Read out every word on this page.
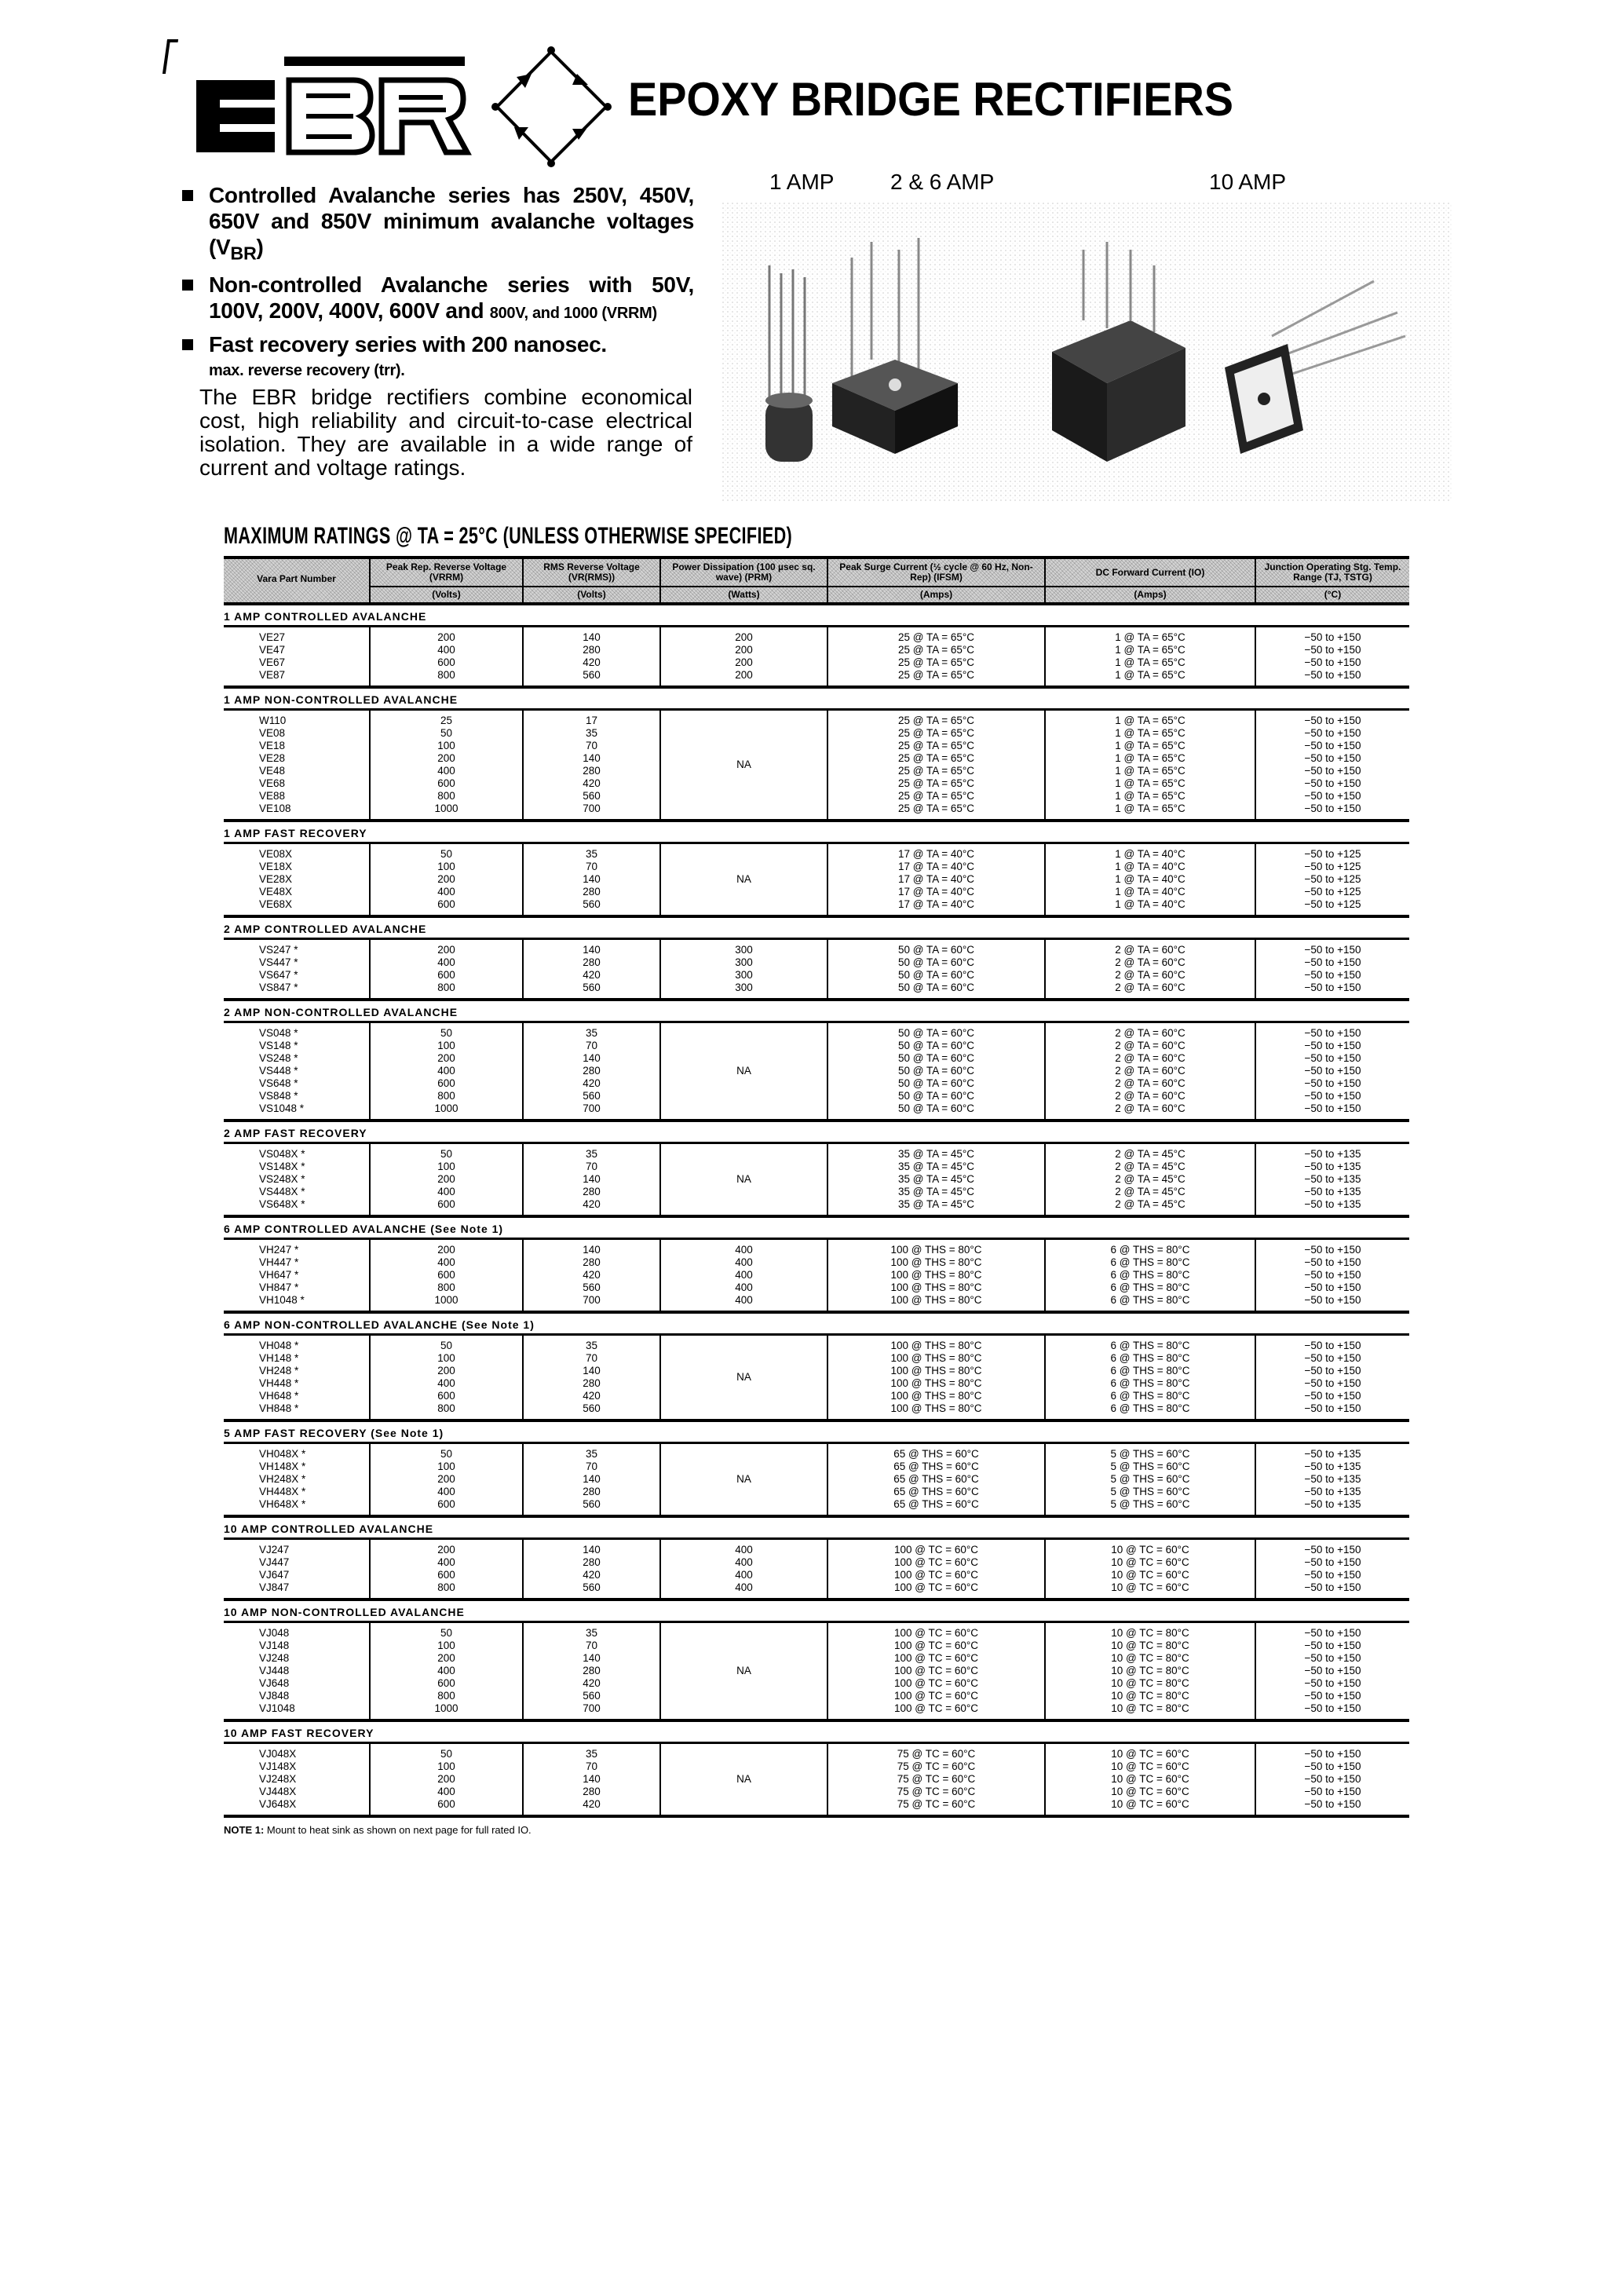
EPOXY BRIDGE RECTIFIERS
1 AMP	2 & 6 AMP	10 AMP
Controlled Avalanche series has 250V, 450V, 650V and 850V minimum avalanche voltages $(V_{BR})$
Non-controlled Avalanche series with 50V, 100V, 200V, 400V, 600V and 800V, and 1000 (VRRM)
Fast recovery series with 200 nanosec.
max. reverse recovery (trr).
The EBR bridge rectifiers combine economical cost, high reliability and circuit-to-case electrical isolation. They are available in a wide range of current and voltage ratings.
MAXIMUM RATINGS @ TA = 25°C (UNLESS OTHERWISE SPECIFIED)
Vara Part Number
Peak Rep. Reverse Voltage (VRRM)
(Volts)
RMS Reverse Voltage (VR(RMS))
(Volts)
Power Dissipation (100 µsec sq. wave) (PRM)
(Watts)
Peak Surge Current (½ cycle @ 60 Hz, Non-Rep) (IFSM)
(Amps)
DC Forward Current (IO)
(Amps)
Junction Operating Stg. Temp. Range (TJ, TSTG)
(°C)
1 AMP CONTROLLED AVALANCHE
VE27
VE47
VE67
VE87
200
400
600
800
140
280
420
560
200
200
200
200
25 @ TA = 65°C
25 @ TA = 65°C
25 @ TA = 65°C
25 @ TA = 65°C
1 @ TA = 65°C
1 @ TA = 65°C
1 @ TA = 65°C
1 @ TA = 65°C
−50 to +150
−50 to +150
−50 to +150
−50 to +150
1 AMP NON-CONTROLLED AVALANCHE
W110
VE08
VE18
VE28
VE48
VE68
VE88
VE108
25
50
100
200
400
600
800
1000
17
35
70
140
280
420
560
700
NA
25 @ TA = 65°C
25 @ TA = 65°C
25 @ TA = 65°C
25 @ TA = 65°C
25 @ TA = 65°C
25 @ TA = 65°C
25 @ TA = 65°C
25 @ TA = 65°C
1 @ TA = 65°C
1 @ TA = 65°C
1 @ TA = 65°C
1 @ TA = 65°C
1 @ TA = 65°C
1 @ TA = 65°C
1 @ TA = 65°C
1 @ TA = 65°C
−50 to +150
−50 to +150
−50 to +150
−50 to +150
−50 to +150
−50 to +150
−50 to +150
−50 to +150
1 AMP FAST RECOVERY
VE08X
VE18X
VE28X
VE48X
VE68X
50
100
200
400
600
35
70
140
280
560
NA
17 @ TA = 40°C
17 @ TA = 40°C
17 @ TA = 40°C
17 @ TA = 40°C
17 @ TA = 40°C
1 @ TA = 40°C
1 @ TA = 40°C
1 @ TA = 40°C
1 @ TA = 40°C
1 @ TA = 40°C
−50 to +125
−50 to +125
−50 to +125
−50 to +125
−50 to +125
2 AMP CONTROLLED AVALANCHE
VS247 *
VS447 *
VS647 *
VS847 *
200
400
600
800
140
280
420
560
300
300
300
300
50 @ TA = 60°C
50 @ TA = 60°C
50 @ TA = 60°C
50 @ TA = 60°C
2 @ TA = 60°C
2 @ TA = 60°C
2 @ TA = 60°C
2 @ TA = 60°C
−50 to +150
−50 to +150
−50 to +150
−50 to +150
2 AMP NON-CONTROLLED AVALANCHE
VS048 *
VS148 *
VS248 *
VS448 *
VS648 *
VS848 *
VS1048 *
50
100
200
400
600
800
1000
35
70
140
280
420
560
700
NA
50 @ TA = 60°C
50 @ TA = 60°C
50 @ TA = 60°C
50 @ TA = 60°C
50 @ TA = 60°C
50 @ TA = 60°C
50 @ TA = 60°C
2 @ TA = 60°C
2 @ TA = 60°C
2 @ TA = 60°C
2 @ TA = 60°C
2 @ TA = 60°C
2 @ TA = 60°C
2 @ TA = 60°C
−50 to +150
−50 to +150
−50 to +150
−50 to +150
−50 to +150
−50 to +150
−50 to +150
2 AMP FAST RECOVERY
VS048X *
VS148X *
VS248X *
VS448X *
VS648X *
50
100
200
400
600
35
70
140
280
420
NA
35 @ TA = 45°C
35 @ TA = 45°C
35 @ TA = 45°C
35 @ TA = 45°C
35 @ TA = 45°C
2 @ TA = 45°C
2 @ TA = 45°C
2 @ TA = 45°C
2 @ TA = 45°C
2 @ TA = 45°C
−50 to +135
−50 to +135
−50 to +135
−50 to +135
−50 to +135
6 AMP CONTROLLED AVALANCHE (See Note 1)
VH247 *
VH447 *
VH647 *
VH847 *
VH1048 *
200
400
600
800
1000
140
280
420
560
700
400
400
400
400
400
100 @ THS = 80°C
100 @ THS = 80°C
100 @ THS = 80°C
100 @ THS = 80°C
100 @ THS = 80°C
6 @ THS = 80°C
6 @ THS = 80°C
6 @ THS = 80°C
6 @ THS = 80°C
6 @ THS = 80°C
−50 to +150
−50 to +150
−50 to +150
−50 to +150
−50 to +150
6 AMP NON-CONTROLLED AVALANCHE (See Note 1)
VH048 *
VH148 *
VH248 *
VH448 *
VH648 *
VH848 *
50
100
200
400
600
800
35
70
140
280
420
560
NA
100 @ THS = 80°C
100 @ THS = 80°C
100 @ THS = 80°C
100 @ THS = 80°C
100 @ THS = 80°C
100 @ THS = 80°C
6 @ THS = 80°C
6 @ THS = 80°C
6 @ THS = 80°C
6 @ THS = 80°C
6 @ THS = 80°C
6 @ THS = 80°C
−50 to +150
−50 to +150
−50 to +150
−50 to +150
−50 to +150
−50 to +150
5 AMP FAST RECOVERY (See Note 1)
VH048X *
VH148X *
VH248X *
VH448X *
VH648X *
50
100
200
400
600
35
70
140
280
560
NA
65 @ THS = 60°C
65 @ THS = 60°C
65 @ THS = 60°C
65 @ THS = 60°C
65 @ THS = 60°C
5 @ THS = 60°C
5 @ THS = 60°C
5 @ THS = 60°C
5 @ THS = 60°C
5 @ THS = 60°C
−50 to +135
−50 to +135
−50 to +135
−50 to +135
−50 to +135
10 AMP CONTROLLED AVALANCHE
VJ247
VJ447
VJ647
VJ847
200
400
600
800
140
280
420
560
400
400
400
400
100 @ TC = 60°C
100 @ TC = 60°C
100 @ TC = 60°C
100 @ TC = 60°C
10 @ TC = 60°C
10 @ TC = 60°C
10 @ TC = 60°C
10 @ TC = 60°C
−50 to +150
−50 to +150
−50 to +150
−50 to +150
10 AMP NON-CONTROLLED AVALANCHE
VJ048
VJ148
VJ248
VJ448
VJ648
VJ848
VJ1048
50
100
200
400
600
800
1000
35
70
140
280
420
560
700
NA
100 @ TC = 60°C
100 @ TC = 60°C
100 @ TC = 60°C
100 @ TC = 60°C
100 @ TC = 60°C
100 @ TC = 60°C
100 @ TC = 60°C
10 @ TC = 80°C
10 @ TC = 80°C
10 @ TC = 80°C
10 @ TC = 80°C
10 @ TC = 80°C
10 @ TC = 80°C
10 @ TC = 80°C
−50 to +150
−50 to +150
−50 to +150
−50 to +150
−50 to +150
−50 to +150
−50 to +150
10 AMP FAST RECOVERY
VJ048X
VJ148X
VJ248X
VJ448X
VJ648X
50
100
200
400
600
35
70
140
280
420
NA
75 @ TC = 60°C
75 @ TC = 60°C
75 @ TC = 60°C
75 @ TC = 60°C
75 @ TC = 60°C
10 @ TC = 60°C
10 @ TC = 60°C
10 @ TC = 60°C
10 @ TC = 60°C
10 @ TC = 60°C
−50 to +150
−50 to +150
−50 to +150
−50 to +150
−50 to +150
NOTE 1: Mount to heat sink as shown on next page for full rated IO.
